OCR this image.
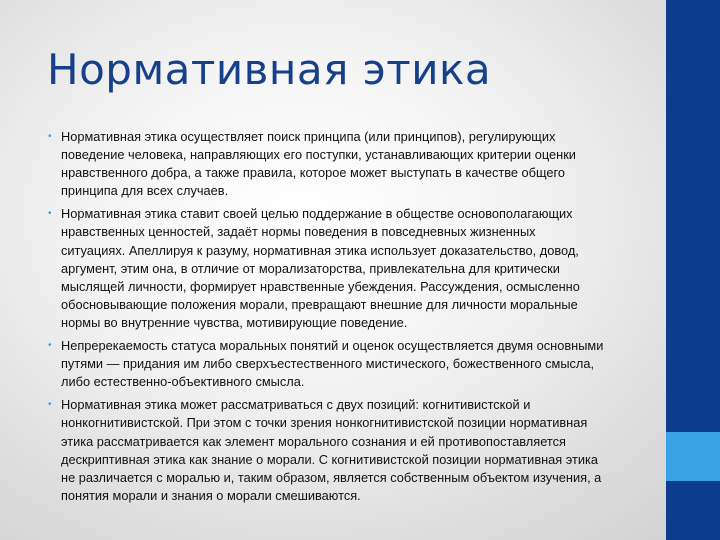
Нормативная этика
• Нормативная этика осуществляет поиск принципа (или принципов), регулирующих
поведение человека, направляющих его поступки, устанавливающих критерии оценки
нравственного добра, а также правила, которое может выступать в качестве общего
принципа для всех случаев.
• Нормативная этика ставит своей целью поддержание в обществе основополагающих
нравственных ценностей, задаёт нормы поведения в повседневных жизненных
ситуациях. Апеллируя к разуму, нормативная этика использует доказательство, довод,
аргумент, этим она, в отличие от морализаторства, привлекательна для критически
мыслящей личности, формирует нравственные убеждения. Рассуждения, осмысленно
обосновывающие положения морали, превращают внешние для личности моральные
нормы во внутренние чувства, мотивирующие поведение.
• Непререкаемость статуса моральных понятий и оценок осуществляется двумя основными
путями — придания им либо сверхъестественного мистического, божественного смысла,
либо естественно-объективного смысла.
• Нормативная этика может рассматриваться с двух позиций: когнитивистской и
нонкогнитивистской. При этом с точки зрения нонкогнитивистской позиции нормативная
этика рассматривается как элемент морального сознания и ей противопоставляется
дескриптивная этика как знание о морали. С когнитивистской позиции нормативная этика
не различается с моралью и, таким образом, является собственным объектом изучения, а
понятия морали и знания о морали смешиваются.
